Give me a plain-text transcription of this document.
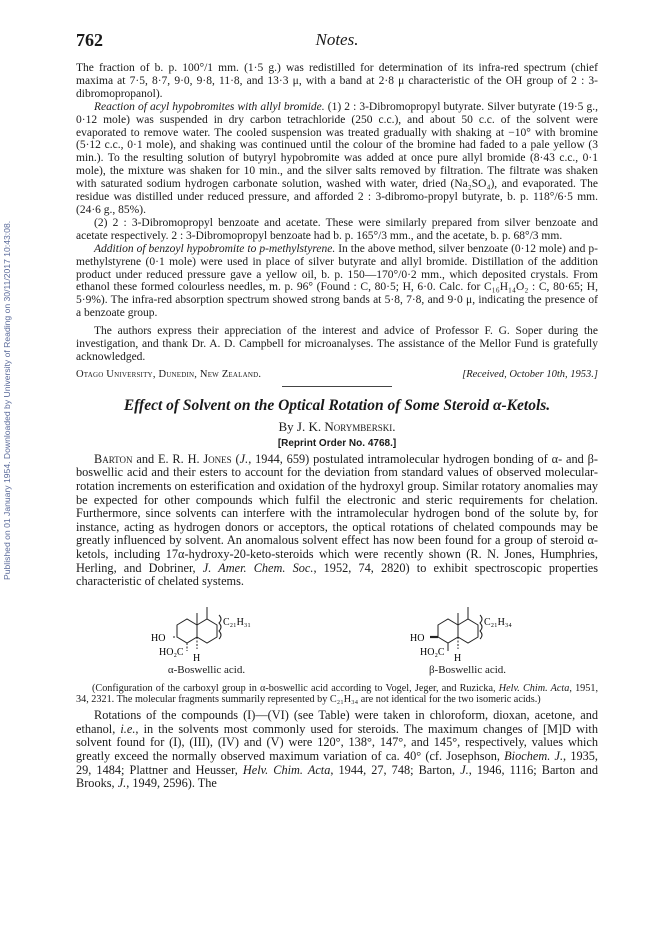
Published on 01 January 1954. Downloaded by University of Reading on 30/11/2017 10:43:08.
762	Notes.

The fraction of b. p. 100°/1 mm. (1·5 g.) was redistilled for determination of its infra-red spectrum (chief maxima at 7·5, 8·7, 9·0, 9·8, 11·8, and 13·3 μ, with a band at 2·8 μ characteristic of the OH group of 2 : 3-dibromopropanol).

Reaction of acyl hypobromites with allyl bromide. (1) 2 : 3-Dibromopropyl butyrate. Silver butyrate (19·5 g., 0·12 mole) was suspended in dry carbon tetrachloride (250 c.c.), and about 50 c.c. of the solvent were evaporated to remove water. The cooled suspension was treated gradually with shaking at −10° with bromine (5·12 c.c., 0·1 mole), and shaking was continued until the colour of the bromine had faded to a pale yellow (3 min.). To the resulting solution of butyryl hypobromite was added at once pure allyl bromide (8·43 c.c., 0·1 mole), the mixture was shaken for 10 min., and the silver salts removed by filtration. The filtrate was shaken with saturated sodium hydrogen carbonate solution, washed with water, dried (Na₂SO₄), and evaporated. The residue was distilled under reduced pressure, and afforded 2 : 3-dibromo-propyl butyrate, b. p. 118°/6·5 mm. (24·6 g., 85%).

(2) 2 : 3-Dibromopropyl benzoate and acetate. These were similarly prepared from silver benzoate and acetate respectively. 2 : 3-Dibromopropyl benzoate had b. p. 165°/3 mm., and the acetate, b. p. 68°/3 mm.

Addition of benzoyl hypobromite to p-methylstyrene. In the above method, silver benzoate (0·12 mole) and p-methylstyrene (0·1 mole) were used in place of silver butyrate and allyl bromide. Distillation of the addition product under reduced pressure gave a yellow oil, b. p. 150—170°/0·2 mm., which deposited crystals. From ethanol these formed colourless needles, m. p. 96° (Found : C, 80·5; H, 6·0. Calc. for C₁₆H₁₄O₂ : C, 80·65; H, 5·9%). The infra-red absorption spectrum showed strong bands at 5·8, 7·8, and 9·0 μ, indicating the presence of a benzoate group.

The authors express their appreciation of the interest and advice of Professor F. G. Soper during the investigation, and thank Dr. A. D. Campbell for microanalyses. The assistance of the Mellor Fund is gratefully acknowledged.

Otago University, Dunedin, New Zealand.	[Received, October 10th, 1953.]
Effect of Solvent on the Optical Rotation of Some Steroid α-Ketols.
By J. K. Norymberski.
[Reprint Order No. 4768.]

Barton and E. R. H. Jones (J., 1944, 659) postulated intramolecular hydrogen bonding of α- and β-boswellic acid and their esters to account for the deviation from standard values of observed molecular-rotation increments on esterification and oxidation of the hydroxyl group. Similar rotatory anomalies may be expected for other compounds which fulfil the electronic and steric requirements for chelation. Furthermore, since solvents can interfere with the intramolecular hydrogen bond of the solute by, for instance, acting as hydrogen donors or acceptors, the optical rotations of chelated compounds may be greatly influenced by solvent. An anomalous solvent effect has now been found for a group of steroid α-ketols, including 17α-hydroxy-20-keto-steroids which were recently shown (R. N. Jones, Humphries, Herling, and Dobriner, J. Amer. Chem. Soc., 1952, 74, 2820) to exhibit spectroscopic properties characteristic of chelated systems.

C₂₁H₃₁
HO
HO₂C
H
α-Boswellic acid.
C₂₁H₃₄
HO
HO₂C
H
β-Boswellic acid.
(Configuration of the carboxyl group in α-boswellic acid according to Vogel, Jeger, and Ruzicka, Helv. Chim. Acta, 1951, 34, 2321. The molecular fragments summarily represented by C₂₁H₃₄ are not identical for the two isomeric acids.)

Rotations of the compounds (I)—(VI) (see Table) were taken in chloroform, dioxan, acetone, and ethanol, i.e., in the solvents most commonly used for steroids. The maximum changes of [M]D with solvent found for (I), (III), (IV) and (V) were 120°, 138°, 147°, and 145°, respectively, values which greatly exceed the normally observed maximum variation of ca. 40° (cf. Josephson, Biochem. J., 1935, 29, 1484; Plattner and Heusser, Helv. Chim. Acta, 1944, 27, 748; Barton, J., 1946, 1116; Barton and Brooks, J., 1949, 2596). The
